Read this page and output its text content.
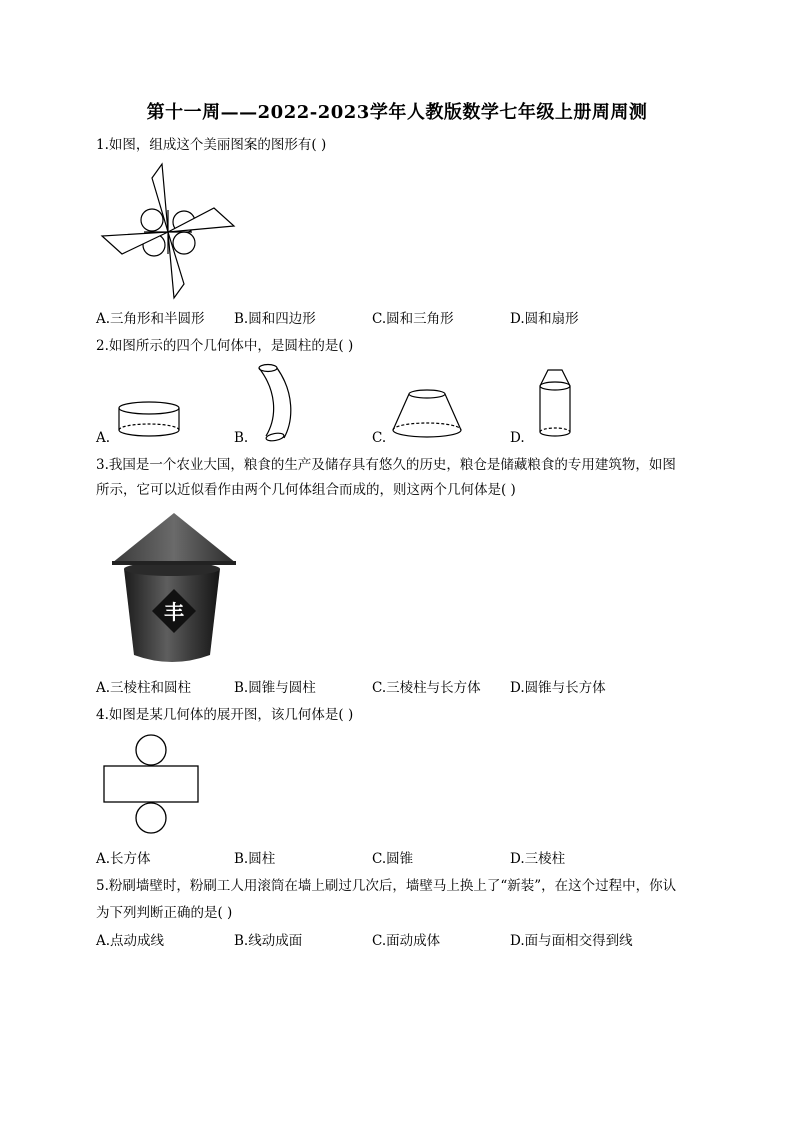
第十一周——2022-2023学年人教版数学七年级上册周周测
1.如图，组成这个美丽图案的图形有( )
A.三角形和半圆形 B.圆和四边形	C.圆和三角形	D.圆和扇形
2.如图所示的四个几何体中，是圆柱的是( )
A.	B.	C.	D.
3.我国是一个农业大国，粮食的生产及储存具有悠久的历史，粮仓是储藏粮食的专用建筑物，如图
所示，它可以近似看作由两个几何体组合而成的，则这两个几何体是( )
丰
A.三棱柱和圆柱	B.圆锥与圆柱	C.三棱柱与长方体 D.圆锥与长方体
4.如图是某几何体的展开图，该几何体是( )
A.长方体	B.圆柱	C.圆锥	D.三棱柱
5.粉刷墙壁时，粉刷工人用滚筒在墙上刷过几次后，墙壁马上换上了“新装”，在这个过程中，你认
为下列判断正确的是( )
A.点动成线	B.线动成面	C.面动成体	D.面与面相交得到线
